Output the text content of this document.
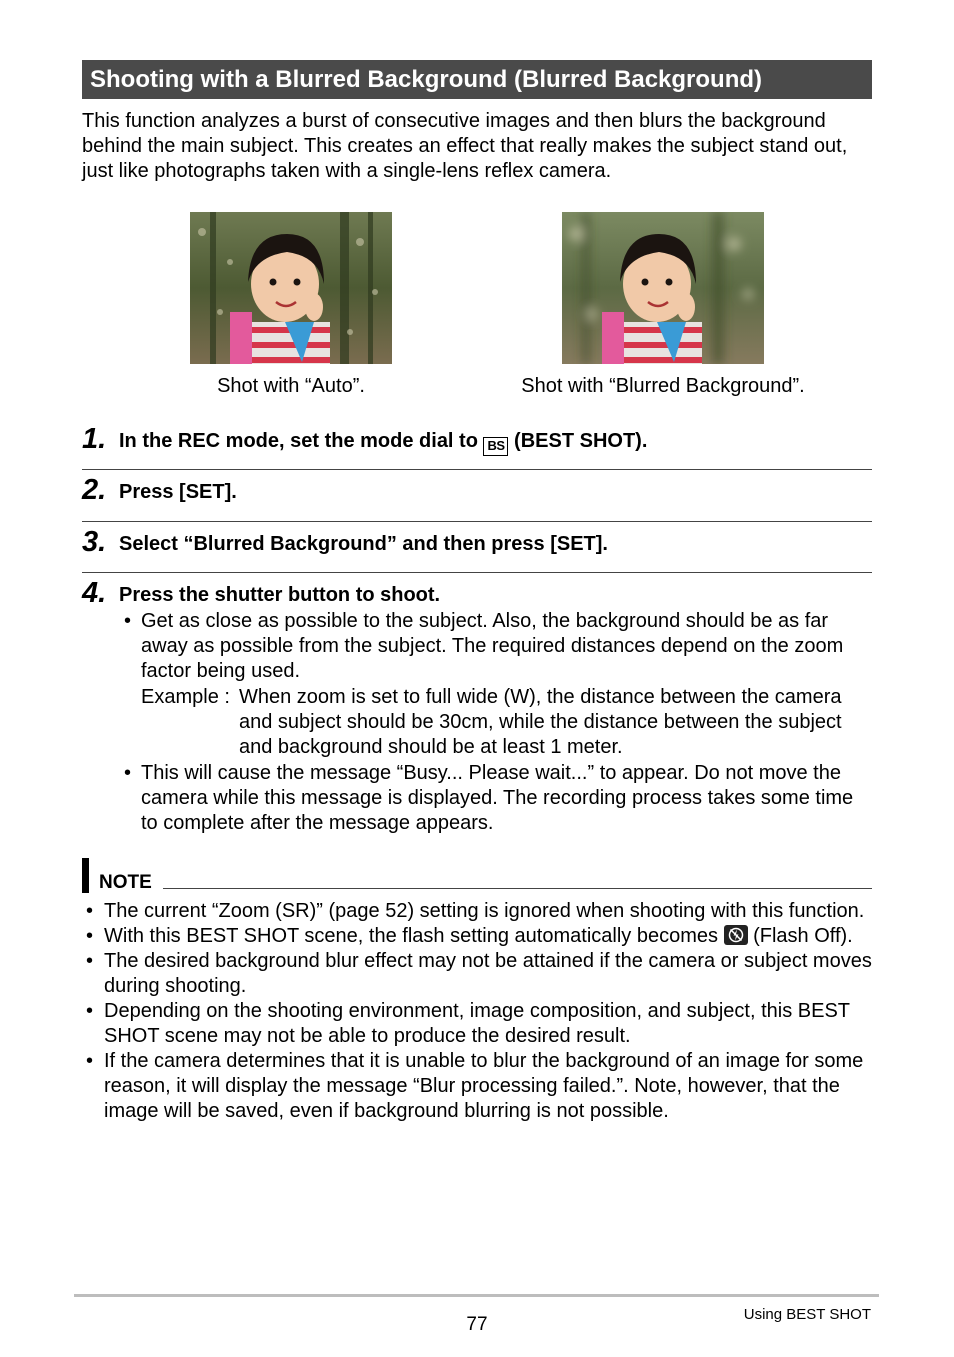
Shooting with a Blurred Background (Blurred Background)

This function analyzes a burst of consecutive images and then blurs the background behind the main subject. This creates an effect that really makes the subject stand out, just like photographs taken with a single-lens reflex camera.

Shot with “Auto”.	Shot with “Blurred Background”.
1. In the REC mode, set the mode dial to BS (BEST SHOT).
2. Press [SET].
3. Select “Blurred Background” and then press [SET].
4. Press the shutter button to shoot.
• Get as close as possible to the subject. Also, the background should be as far away as possible from the subject. The required distances depend on the zoom factor being used.
Example : When zoom is set to full wide (W), the distance between the camera and subject should be 30cm, while the distance between the subject and background should be at least 1 meter.
• This will cause the message “Busy... Please wait...” to appear. Do not move the camera while this message is displayed. The recording process takes some time to complete after the message appears.
NOTE
• The current “Zoom (SR)” (page 52) setting is ignored when shooting with this function.
• With this BEST SHOT scene, the flash setting automatically becomes
(Flash Off).
• The desired background blur effect may not be attained if the camera or subject moves during shooting.
• Depending on the shooting environment, image composition, and subject, this BEST SHOT scene may not be able to produce the desired result.
• If the camera determines that it is unable to blur the background of an image for some reason, it will display the message “Blur processing failed.”. Note, however, that the image will be saved, even if background blurring is not possible.
77	Using BEST SHOT
